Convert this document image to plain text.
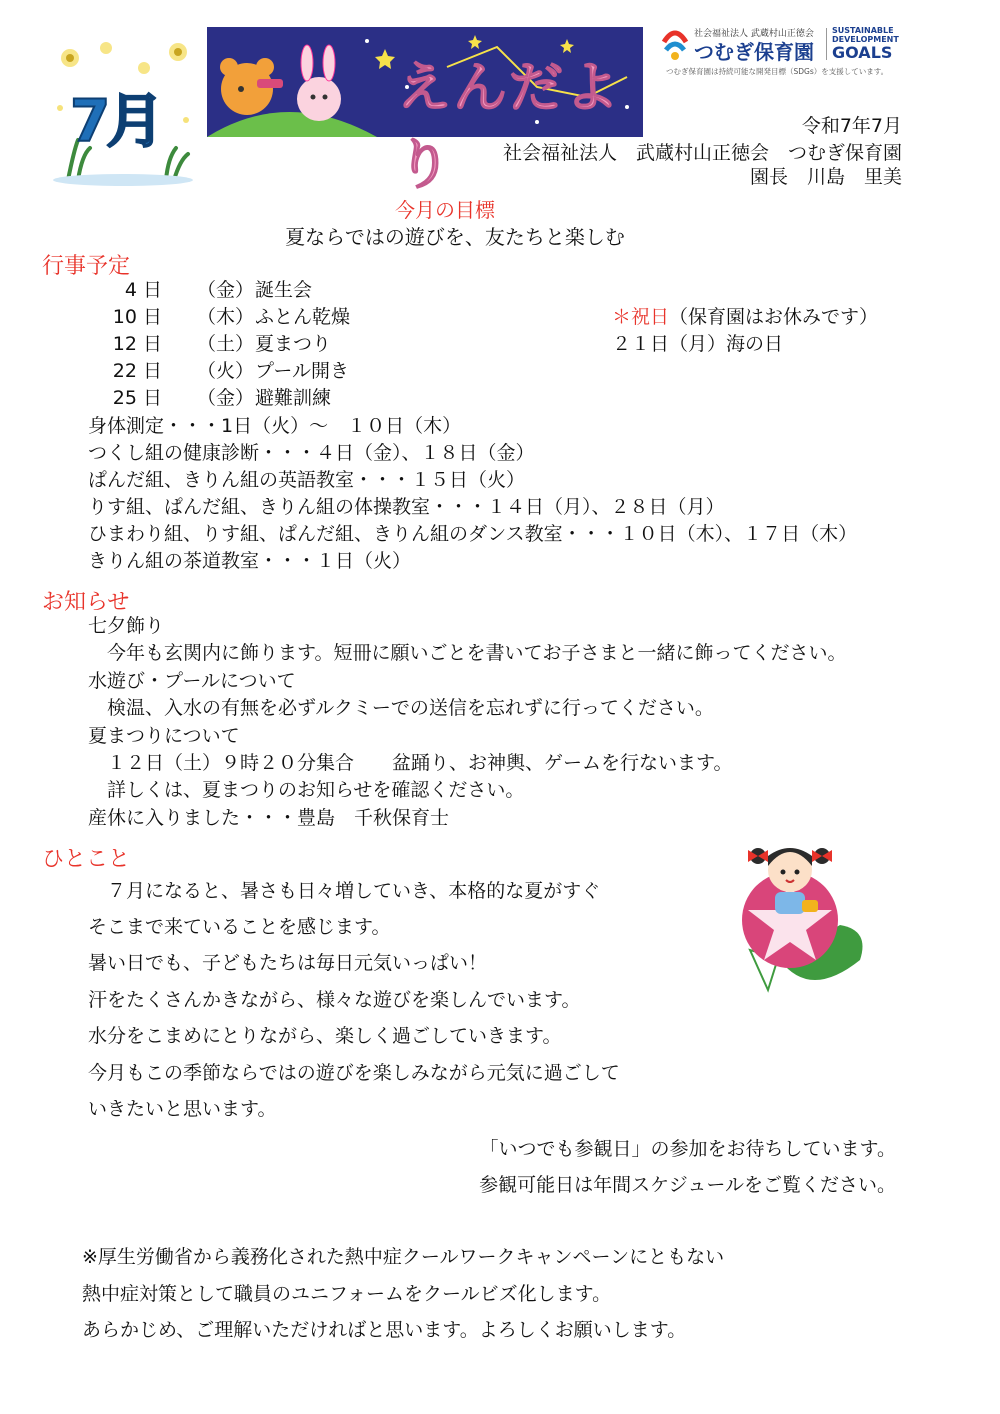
7月	えんだより
社会福祉法人 武蔵村山正徳会
つむぎ保育園
SUSTAINABLE
DEVELOPMENT
GOALS
つむぎ保育園は持続可能な開発目標（SDGs）を支援しています。
令和7年7月
社会福祉法人　武蔵村山正徳会　つむぎ保育園
園長　川島　里美
今月の目標
夏ならではの遊びを、友たちと楽しむ
行事予定
4 日 （金） 誕生会
10 日 （木） ふとん乾燥
12 日 （土） 夏まつり
22 日 （火） プール開き
25 日 （金） 避難訓練
＊祝日（保育園はお休みです）
２１日（月）海の日
身体測定・・・1日（火）～　１０日（木）
つくし組の健康診断・・・４日（金）、１８日（金）
ぱんだ組、きりん組の英語教室・・・１５日（火）
りす組、ぱんだ組、きりん組の体操教室・・・１４日（月）、２８日（月）
ひまわり組、りす組、ぱんだ組、きりん組のダンス教室・・・１０日（木）、１７日（木）
きりん組の茶道教室・・・１日（火）
お知らせ
七夕飾り
　今年も玄関内に飾ります。短冊に願いごとを書いてお子さまと一緒に飾ってください。
水遊び・プールについて
　検温、入水の有無を必ずルクミーでの送信を忘れずに行ってください。
夏まつりについて
　１２日（土）９時２０分集合　　盆踊り、お神輿、ゲームを行ないます。
　詳しくは、夏まつりのお知らせを確認ください。
産休に入りました・・・豊島　千秋保育士
ひとこと
　７月になると、暑さも日々増していき、本格的な夏がすぐ
そこまで来ていることを感じます。
暑い日でも、子どもたちは毎日元気いっぱい！
汗をたくさんかきながら、様々な遊びを楽しんでいます。
水分をこまめにとりながら、楽しく過ごしていきます。
今月もこの季節ならではの遊びを楽しみながら元気に過ごして
いきたいと思います。
「いつでも参観日」の参加をお待ちしています。
参観可能日は年間スケジュールをご覧ください。
※厚生労働省から義務化された熱中症クールワークキャンペーンにともない
熱中症対策として職員のユニフォームをクールビズ化します。
あらかじめ、ご理解いただければと思います。よろしくお願いします。
